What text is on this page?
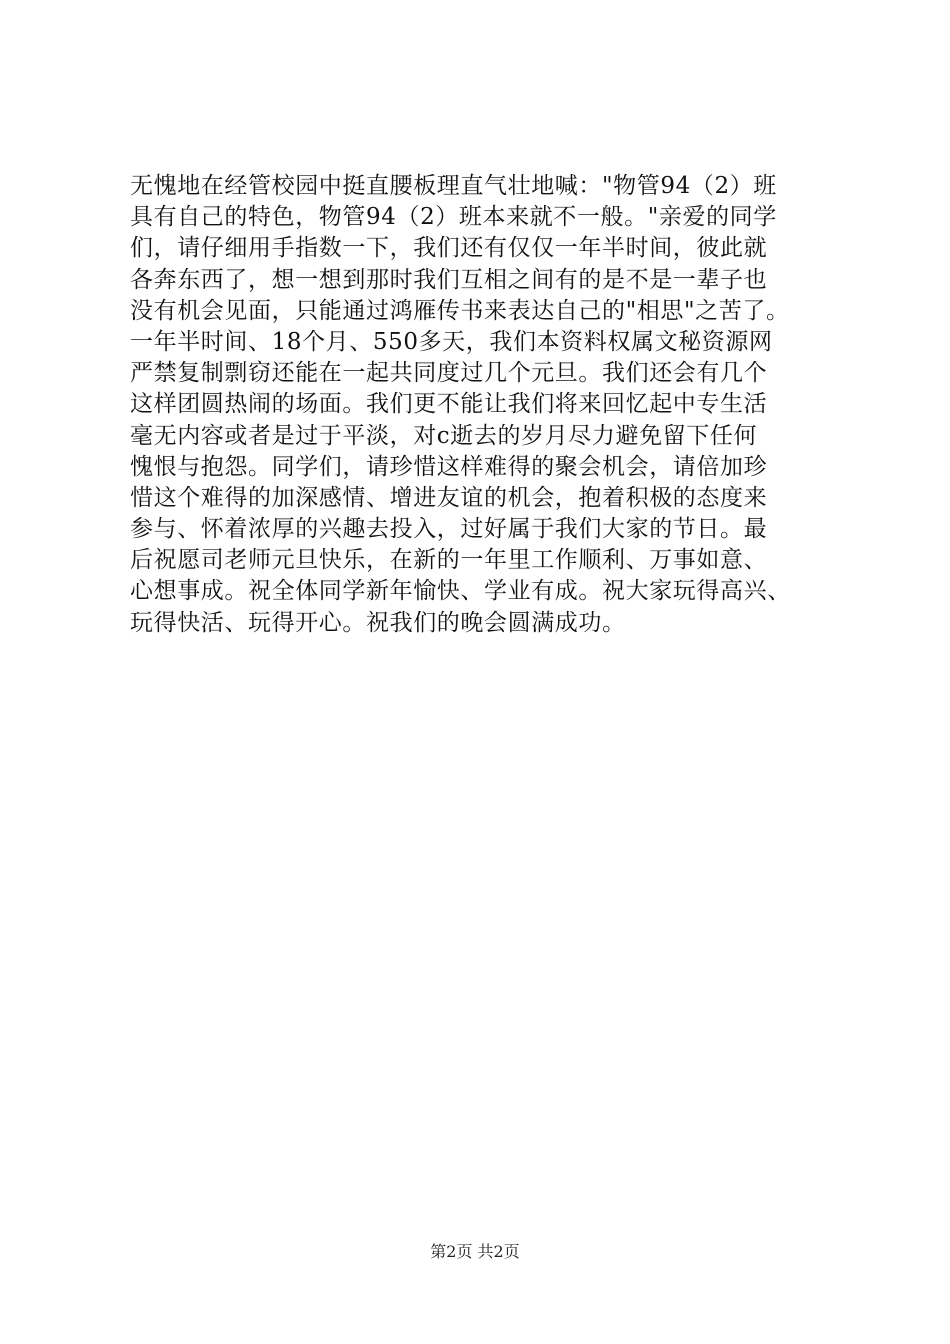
无愧地在经管校园中挺直腰板理直气壮地喊："物管94（2）班
具有自己的特色，物管94（2）班本来就不一般。"亲爱的同学
们，请仔细用手指数一下，我们还有仅仅一年半时间，彼此就
各奔东西了，想一想到那时我们互相之间有的是不是一辈子也
没有机会见面，只能通过鸿雁传书来表达自己的"相思"之苦了。
一年半时间、18个月、550多天，我们本资料权属文秘资源网
严禁复制剽窃还能在一起共同度过几个元旦。我们还会有几个
这样团圆热闹的场面。我们更不能让我们将来回忆起中专生活
毫无内容或者是过于平淡，对c逝去的岁月尽力避免留下任何
愧恨与抱怨。同学们，请珍惜这样难得的聚会机会，请倍加珍
惜这个难得的加深感情、增进友谊的机会，抱着积极的态度来
参与、怀着浓厚的兴趣去投入，过好属于我们大家的节日。最
后祝愿司老师元旦快乐，在新的一年里工作顺利、万事如意、
心想事成。祝全体同学新年愉快、学业有成。祝大家玩得高兴、
玩得快活、玩得开心。祝我们的晚会圆满成功。
第2页 共2页
